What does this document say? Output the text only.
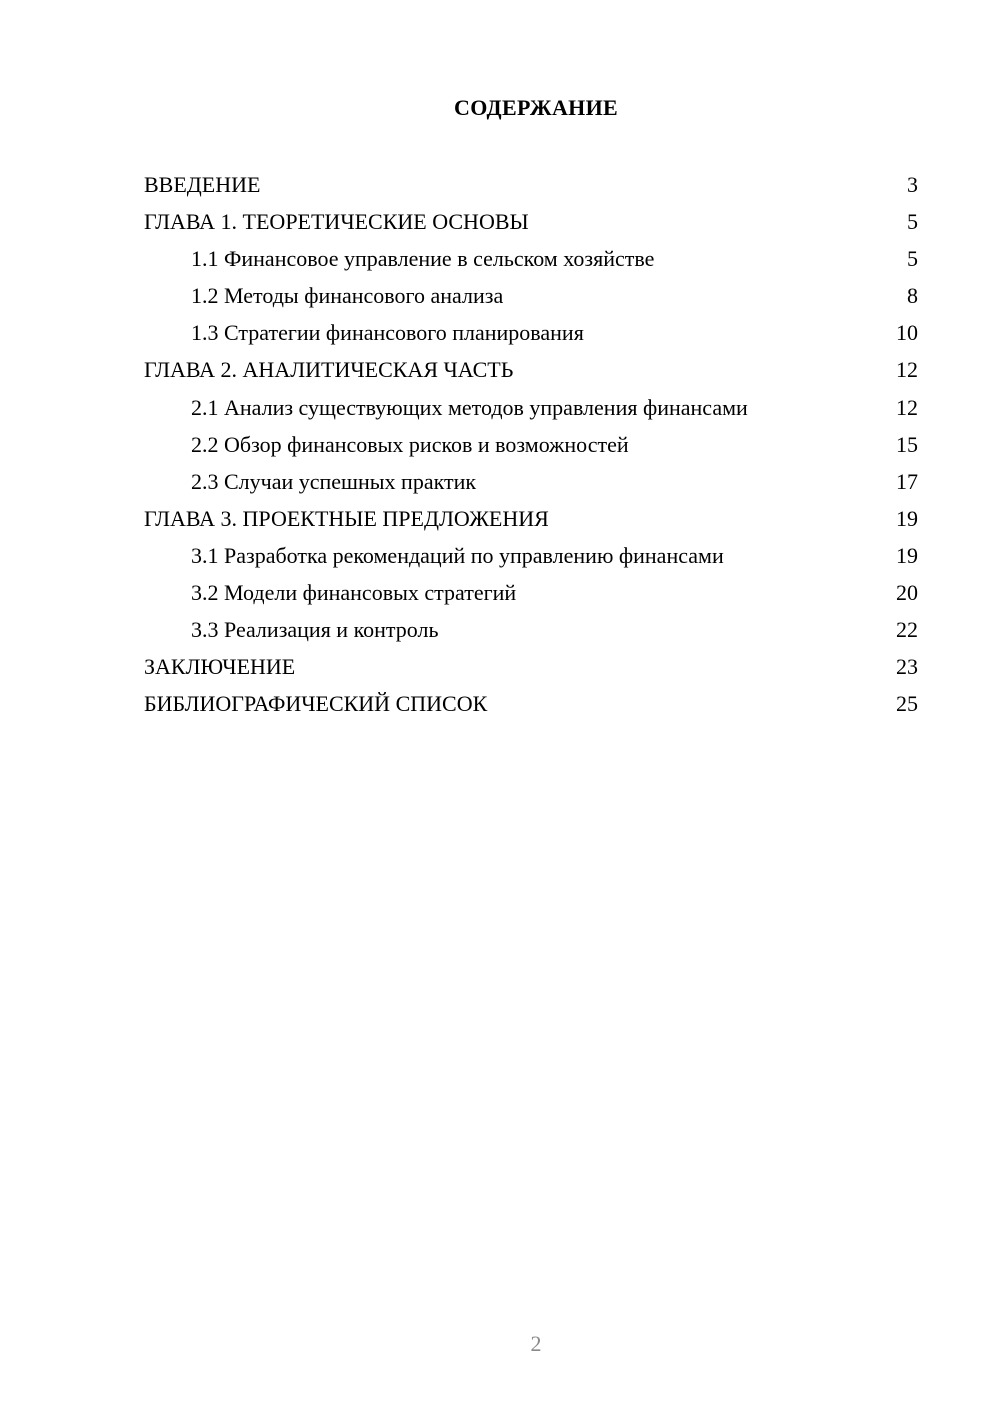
СОДЕРЖАНИЕ
ВВЕДЕНИЕ	3
ГЛАВА 1. ТЕОРЕТИЧЕСКИЕ ОСНОВЫ	5
1.1 Финансовое управление в сельском хозяйстве	5
1.2 Методы финансового анализа	8
1.3 Стратегии финансового планирования	10
ГЛАВА 2. АНАЛИТИЧЕСКАЯ ЧАСТЬ	12
2.1 Анализ существующих методов управления финансами	12
2.2 Обзор финансовых рисков и возможностей	15
2.3 Случаи успешных практик	17
ГЛАВА 3. ПРОЕКТНЫЕ ПРЕДЛОЖЕНИЯ	19
3.1 Разработка рекомендаций по управлению финансами	19
3.2 Модели финансовых стратегий	20
3.3 Реализация и контроль	22
ЗАКЛЮЧЕНИЕ	23
БИБЛИОГРАФИЧЕСКИЙ СПИСОК	25
2
